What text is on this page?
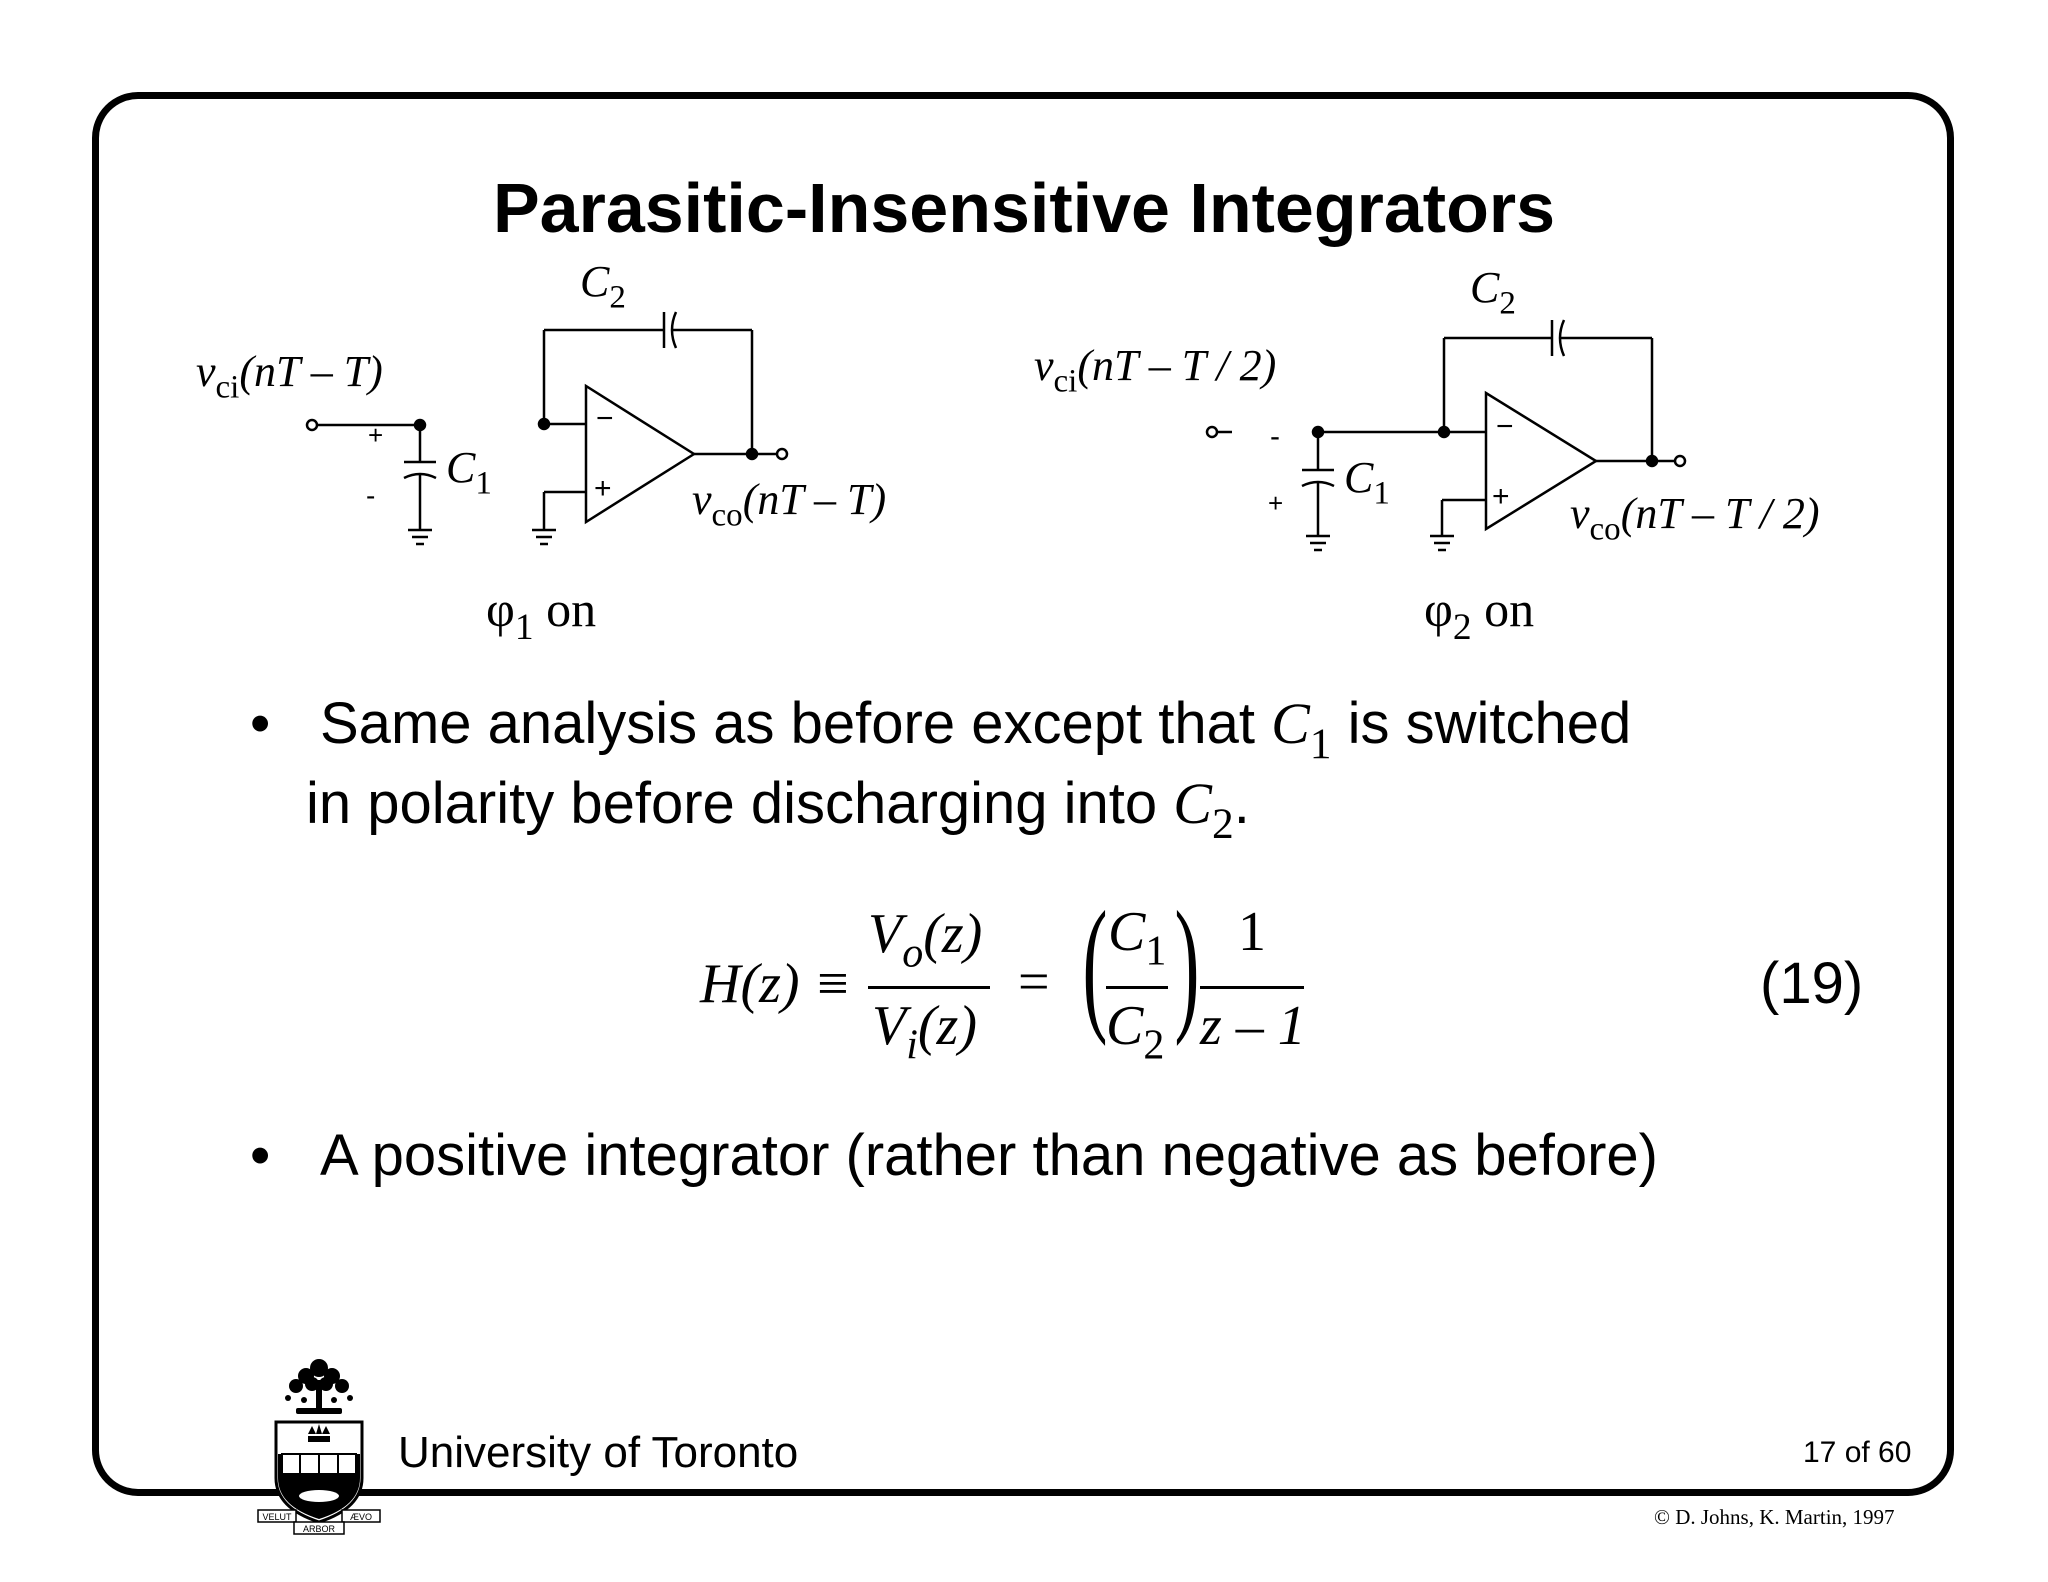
Parasitic-Insensitive Integrators
$v_{ci}(nT - T)$
$C_2$
$C_1$
+
-
−
+ $v_{co}(nT - T)$
$\varphi_1$ on
$v_{ci}(nT$ – T / 2)
$C_2$
$C_1$
-
+
−
+ $v_{co}(nT$ – T / 2)
$\varphi_2$ on
• Same analysis as before except that $C_1$ is switched
in polarity before discharging into $C_2$.
H(z) ≡
$V_o(z)$
$V_i(z)$
= ( $C_1$
$C_2$ ) 1
z – 1
(19)
• A positive integrator (rather than negative as before)
VELUT	ÆVO
ARBOR
University of Toronto	17 of 60
© D. Johns, K. Martin, 1997
